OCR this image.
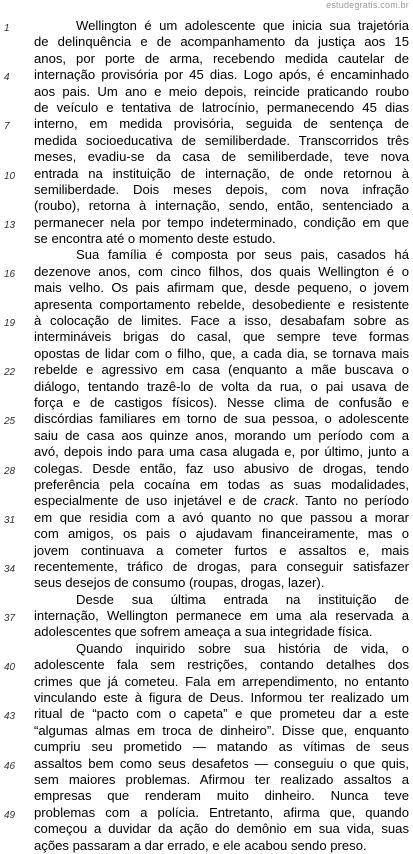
estudegratis.com.br
1	Wellington é um adolescente que inicia sua trajetória
de delinquência e de acompanhamento da justiça aos 15
anos, por porte de arma, recebendo medida cautelar de
4	internação provisória por 45 dias. Logo após, é encaminhado
aos pais. Um ano e meio depois, reincide praticando roubo
de veículo e tentativa de latrocínio, permanecendo 45 dias
7	interno, em medida provisória, seguida de sentença de
medida socioeducativa de semiliberdade. Transcorridos três
meses, evadiu-se da casa de semiliberdade, teve nova
10	entrada na instituição de internação, de onde retornou à
semiliberdade. Dois meses depois, com nova infração
(roubo), retorna à internação, sendo, então, sentenciado a
13	permanecer nela por tempo indeterminado, condição em que
se encontra até o momento deste estudo.
Sua família é composta por seus pais, casados há
16	dezenove anos, com cinco filhos, dos quais Wellington é o
mais velho. Os pais afirmam que, desde pequeno, o jovem
apresenta comportamento rebelde, desobediente e resistente
19	à colocação de limites. Face a isso, desabafam sobre as
intermináveis brigas do casal, que sempre teve formas
opostas de lidar com o filho, que, a cada dia, se tornava mais
22	rebelde e agressivo em casa (enquanto a mãe buscava o
diálogo, tentando trazê-lo de volta da rua, o pai usava de
força e de castigos físicos). Nesse clima de confusão e
25	discórdias familiares em torno de sua pessoa, o adolescente
saiu de casa aos quinze anos, morando um período com a
avó, depois indo para uma casa alugada e, por último, junto a
28	colegas. Desde então, faz uso abusivo de drogas, tendo
preferência pela cocaína em todas as suas modalidades,
especialmente de uso injetável e de crack. Tanto no período
31	em que residia com a avó quanto no que passou a morar
com amigos, os pais o ajudavam financeiramente, mas o
jovem continuava a cometer furtos e assaltos e, mais
34	recentemente, tráfico de drogas, para conseguir satisfazer
seus desejos de consumo (roupas, drogas, lazer).
Desde sua última entrada na instituição de
37	internação, Wellington permanece em uma ala reservada a
adolescentes que sofrem ameaça a sua integridade física.
Quando inquirido sobre sua história de vida, o
40	adolescente fala sem restrições, contando detalhes dos
crimes que já cometeu. Fala em arrependimento, no entanto
vinculando este à figura de Deus. Informou ter realizado um
43	ritual de “pacto com o capeta” e que prometeu dar a este
“algumas almas em troca de dinheiro”. Disse que, enquanto
cumpriu seu prometido — matando as vítimas de seus
46	assaltos bem como seus desafetos — conseguiu o que quis,
sem maiores problemas. Afirmou ter realizado assaltos a
empresas que renderam muito dinheiro. Nunca teve
49	problemas com a polícia. Entretanto, afirma que, quando
começou a duvidar da ação do demônio em sua vida, suas
ações passaram a dar errado, e ele acabou sendo preso.
